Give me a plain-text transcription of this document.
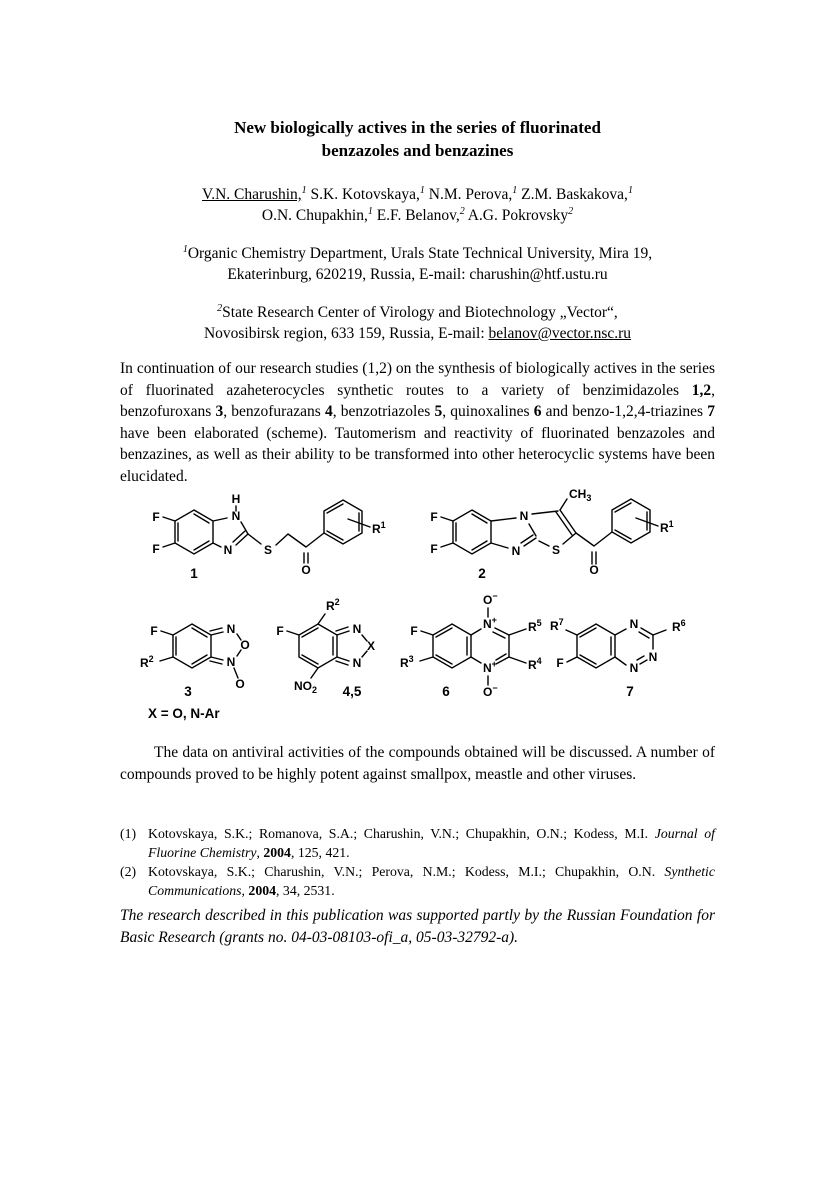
New biologically actives in the series of fluorinated
benzazoles and benzazines
V.N. Charushin,$^1$ S.K. Kotovskaya,$^1$ N.M. Perova,$^1$ Z.M. Baskakova,$^1$
O.N. Chupakhin,$^1$ E.F. Belanov,$^2$ A.G. Pokrovsky$^2$
$^1$Organic Chemistry Department, Urals State Technical University, Mira 19,
Ekaterinburg, 620219, Russia, E-mail: charushin@htf.ustu.ru
$^2$State Research Center of Virology and Biotechnology „Vector“,
Novosibirsk region, 633 159, Russia, E-mail: belanov@vector.nsc.ru
In continuation of our research studies (1,2) on the synthesis of biologically actives in the series of fluorinated azaheterocycles synthetic routes to a variety of benzimidazoles 1,2, benzofuroxans 3, benzofurazans 4, benzotriazoles 5, quinoxalines 6 and benzo-1,2,4-triazines 7 have been elaborated (scheme). Tautomerism and reactivity of fluorinated benzazoles and benzazines, as well as their ability to be transformed into other heterocyclic systems have been elucidated.
F
F
H
N
N	S
O
$R^1$
1
F
F
N
N	S
$CH_3$
O
$R^1$
2
F
$R^2$
N
O
N
O
3
$R^2$
F	N
X
N
$NO_2$ 4,5
F
$R^3$
O−
N+	$R^5$
$R^4$
N+
O−
6
$R^7$
F
N	$R^6$
N
N
7
X = O, N-Ar
The data on antiviral activities of the compounds obtained will be discussed. A number of compounds proved to be highly potent against smallpox, meastle and other viruses.
(1) Kotovskaya, S.K.; Romanova, S.A.; Charushin, V.N.; Chupakhin, O.N.; Kodess, M.I. Journal of Fluorine Chemistry, 2004, 125, 421.
(2) Kotovskaya, S.K.; Charushin, V.N.; Perova, N.M.; Kodess, M.I.; Chupakhin, O.N. Synthetic Communications, 2004, 34, 2531.
The research described in this publication was supported partly by the Russian Foundation for Basic Research (grants no. 04-03-08103-ofi_a, 05-03-32792-a).
